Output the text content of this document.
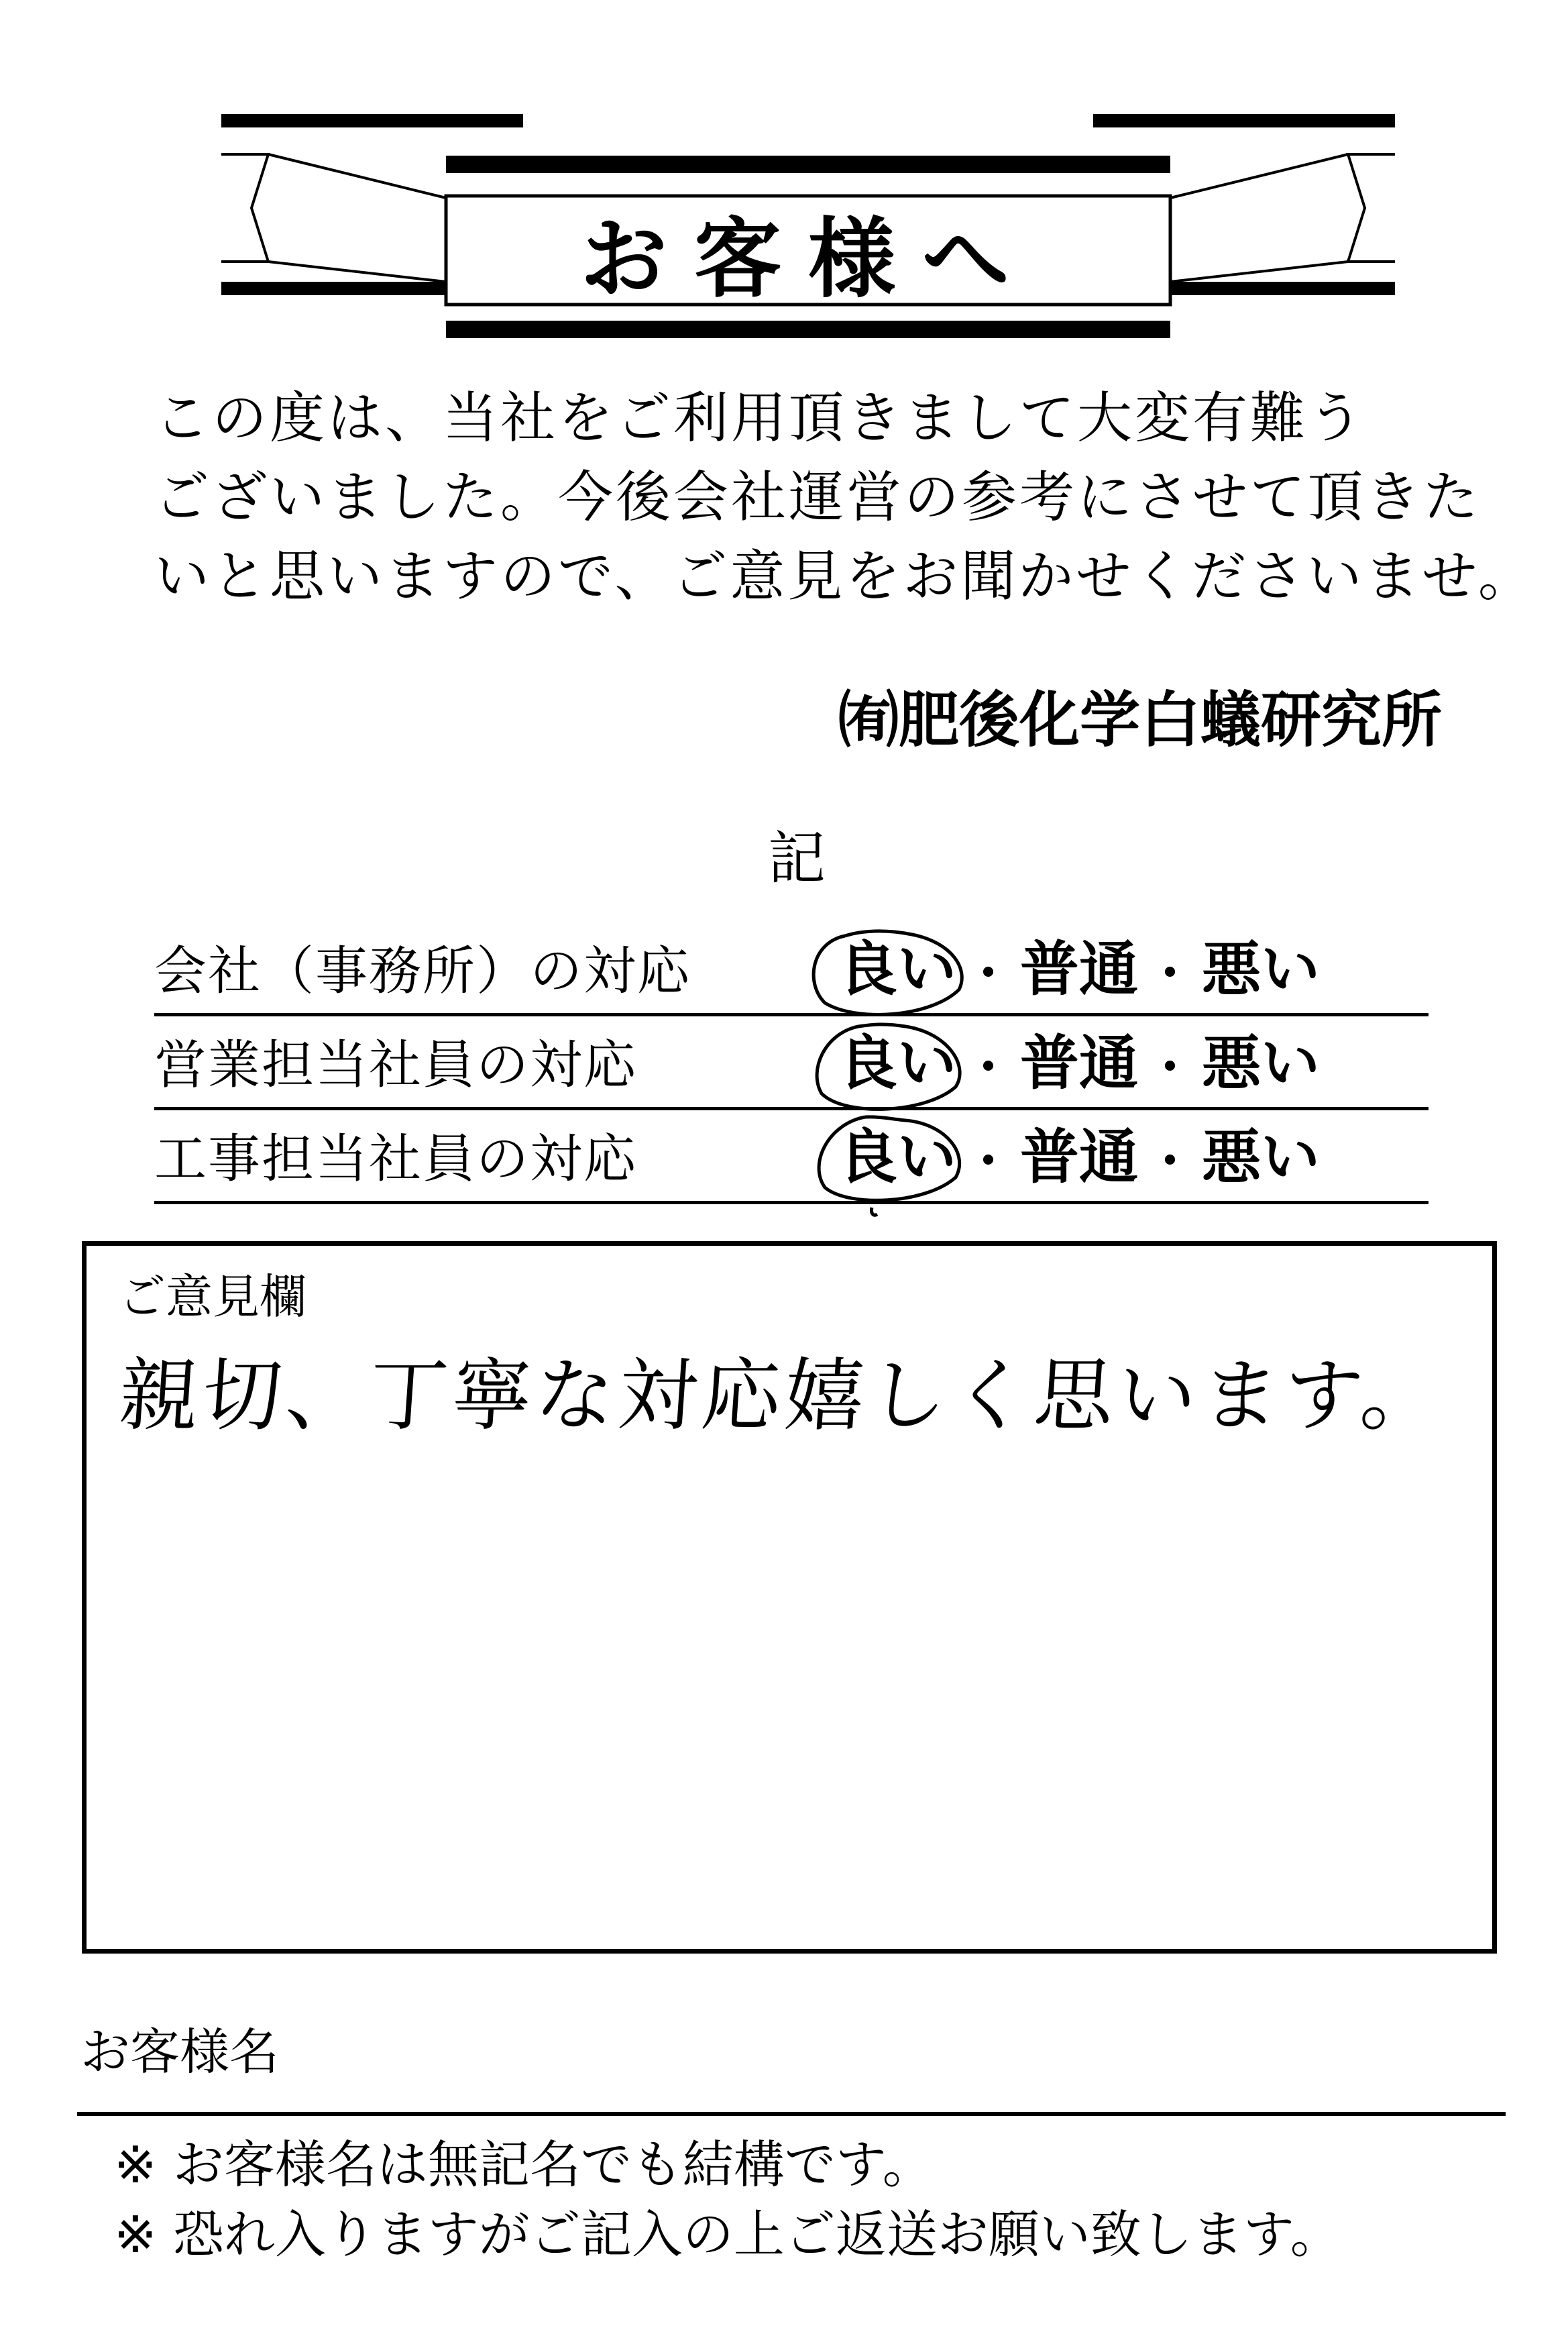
お客様へ
この度は、当社をご利用頂きまして大変有難う
ございました。今後会社運営の参考にさせて頂きた
いと思いますので、ご意見をお聞かせくださいませ。
㈲肥後化学白蟻研究所
記
会社（事務所）の対応 良い ・ 普通 ・ 悪い
営業担当社員の対応	良い ・ 普通 ・ 悪い
工事担当社員の対応	良い ・ 普通 ・ 悪い
ご意見欄
親切、丁寧な対応嬉しく思います。
お客様名
※ お客様名は無記名でも結構です。
※ 恐れ入りますがご記入の上ご返送お願い致します。
